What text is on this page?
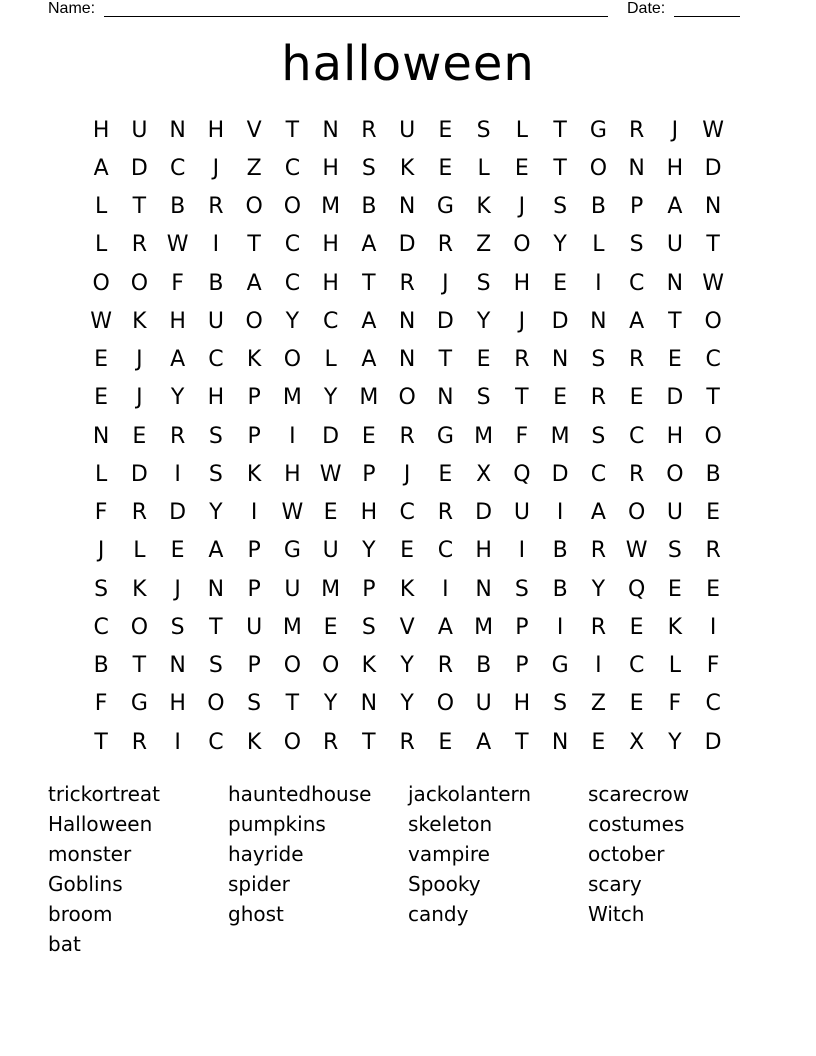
Name:	Date:
halloween
H U N H	V	T	N	R	U	E	S	L	T	G	R	J	W
A	D	C	J	Z	C	H	S	K	E	L	E	T	O N H D
L	T	B	R O O M B	N G	K	J	S	B	P	A	N
L	R W	I	T	C	H	A	D	R	Z	O	Y	L	S	U	T
O O	F	B	A	C	H	T	R	J	S	H	E	I	C	N W
W K	H U O	Y	C	A	N D	Y	J	D N	A	T	O
E	J	A	C	K	O	L	A	N	T	E	R	N	S	R	E	C
E	J	Y	H	P	M	Y	M O N	S	T	E	R	E	D	T
N	E	R	S	P	I	D	E	R	G M	F	M S	C	H O
L	D	I	S	K	H W P	J	E	X	Q D	C	R O	B
F	R	D	Y	I	W E	H	C	R	D U	I	A	O U	E
J	L	E	A	P	G U	Y	E	C	H	I	B	R W S	R
S	K	J	N	P	U M	P	K	I	N	S	B	Y	Q	E	E
C O	S	T	U M E	S	V	A M	P	I	R	E	K	I
B	T	N	S	P	O O	K	Y	R	B	P	G	I	C	L	F
F	G H O	S	T	Y	N	Y	O U H	S	Z	E	F	C
T	R	I	C	K	O R	T	R	E	A	T	N	E	X	Y	D
trickortreat	hauntedhouse	jackolantern	scarecrow
Halloween	pumpkins	skeleton	costumes
monster	hayride	vampire	october
Goblins	spider	Spooky	scary
broom	ghost	candy	Witch
bat
